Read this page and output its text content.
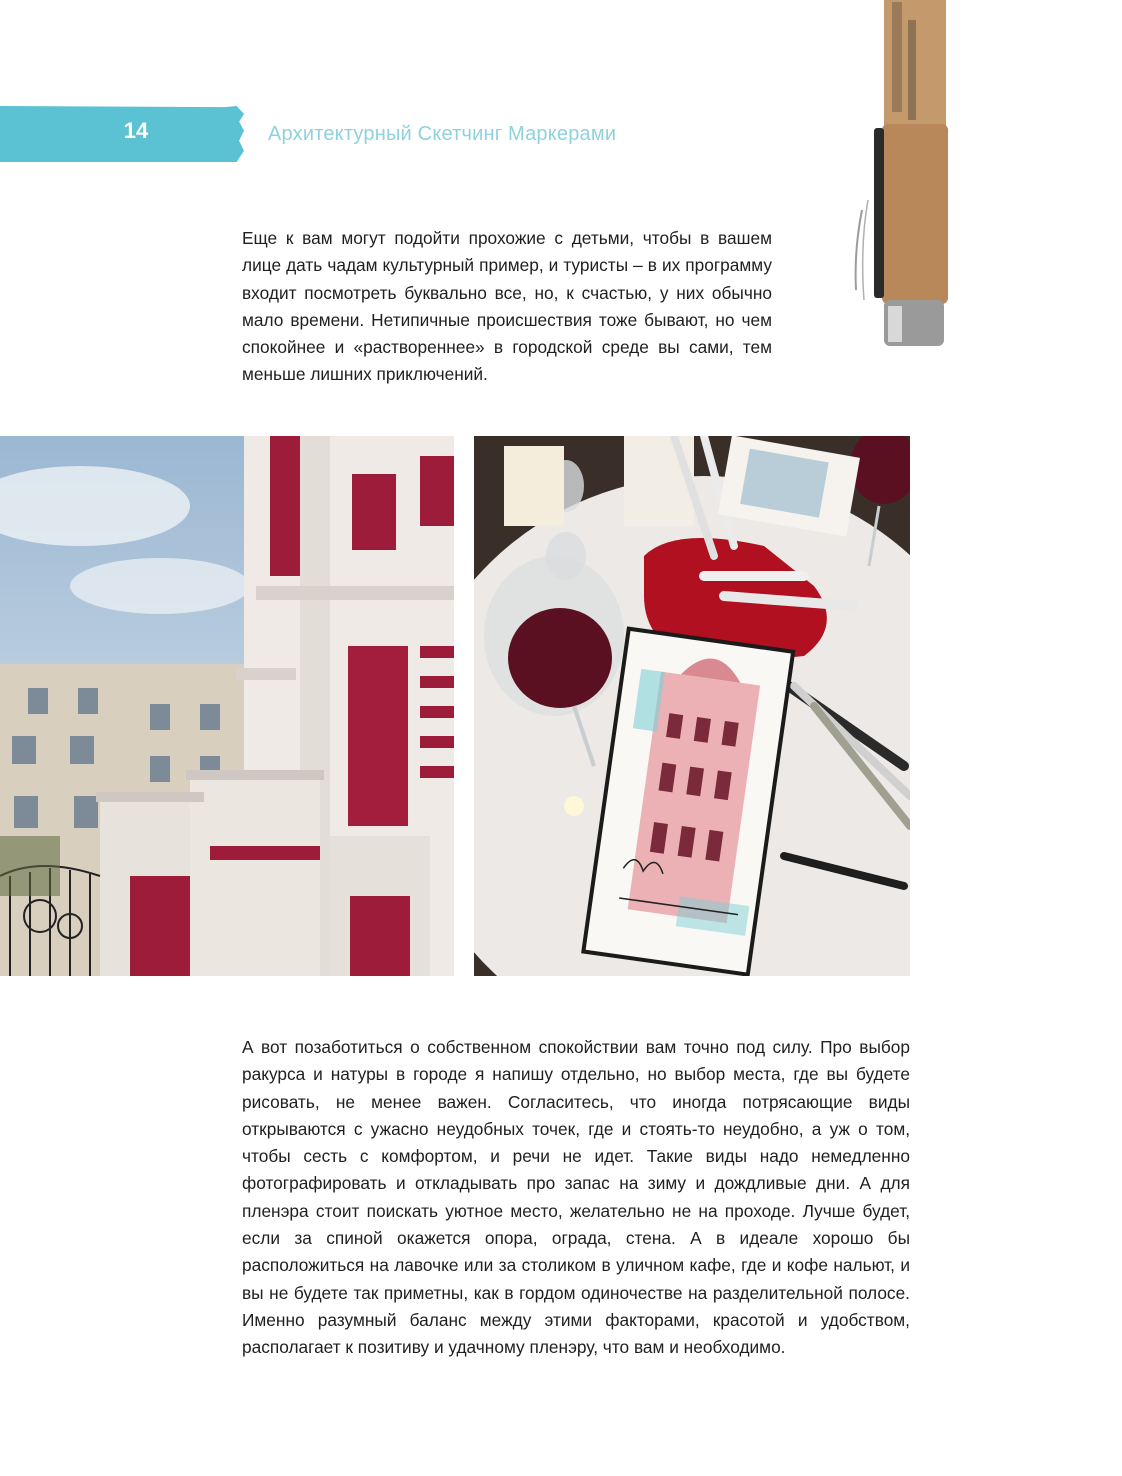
14	Архитектурный Скетчинг Маркерами

Еще к вам могут подойти прохожие с детьми, чтобы в вашем лице дать чадам культурный пример, и туристы – в их программу входит посмотреть буквально все, но, к счастью, у них обычно мало времени. Нетипичные происшествия тоже бывают, но чем спокойнее и «раствореннее» в городской среде вы сами, тем меньше лишних приключений.

А вот позаботиться о собственном спокойствии вам точно под силу. Про выбор ракурса и натуры в городе я напишу отдельно, но выбор места, где вы будете рисовать, не менее важен. Согласитесь, что иногда потрясающие виды открываются с ужасно неудобных точек, где и стоять-то неудобно, а уж о том, чтобы сесть с комфортом, и речи не идет. Такие виды надо немедленно фотографировать и откладывать про запас на зиму и дождливые дни. А для пленэра стоит поискать уютное место, желательно не на проходе. Лучше будет, если за спиной окажется опора, ограда, стена. А в идеале хорошо бы расположиться на лавочке или за столиком в уличном кафе, где и кофе нальют, и вы не будете так приметны, как в гордом одиночестве на разделительной полосе. Именно разумный баланс между этими факторами, красотой и удобством, располагает к позитиву и удачному пленэру, что вам и необходимо.
